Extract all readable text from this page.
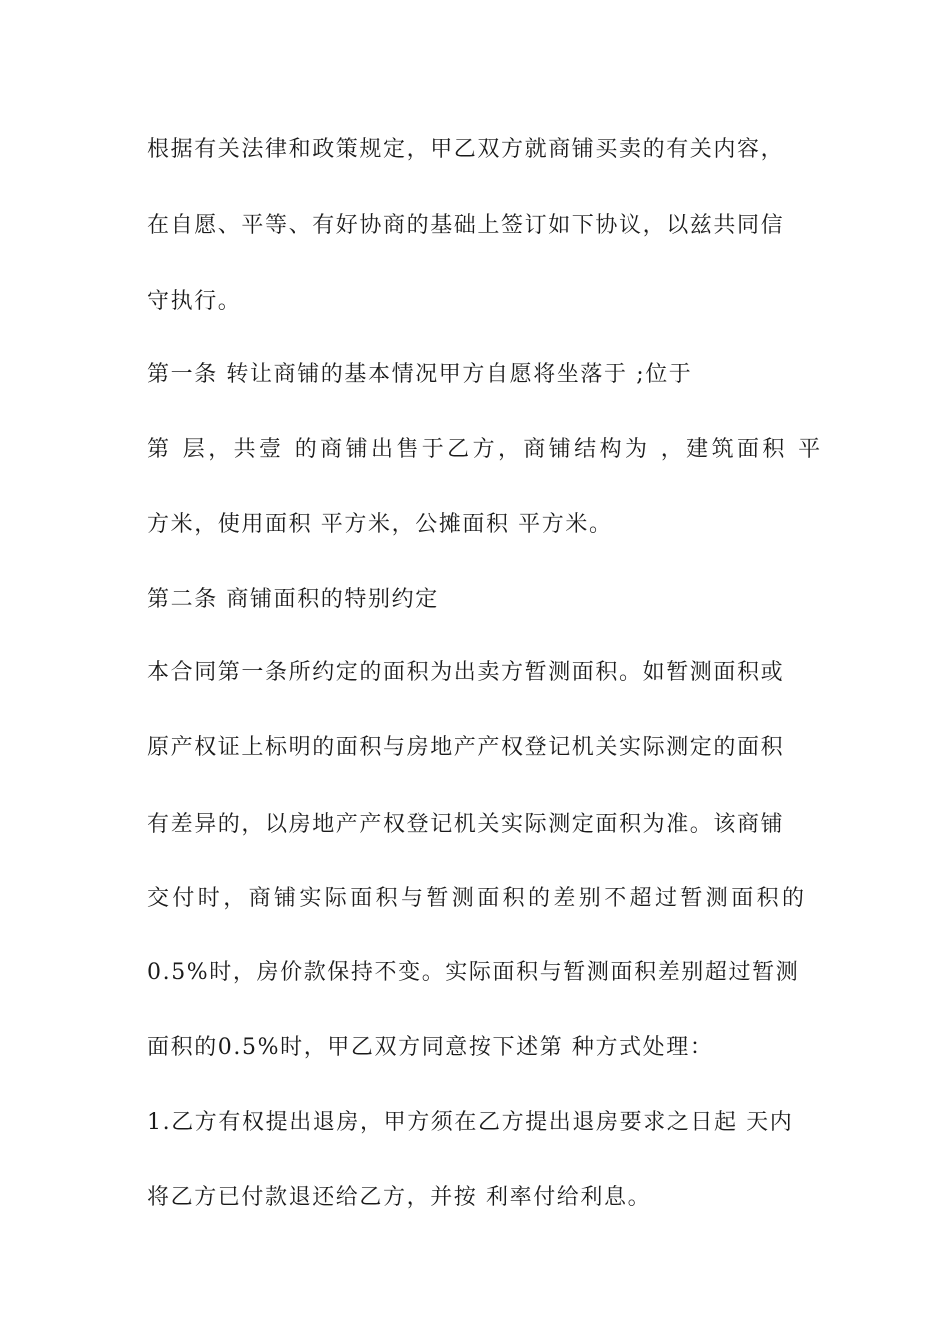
根据有关法律和政策规定，甲乙双方就商铺买卖的有关内容，
在自愿、平等、有好协商的基础上签订如下协议，以兹共同信
守执行。
第一条 转让商铺的基本情况甲方自愿将坐落于 ;位于
第 层，共壹 的商铺出售于乙方，商铺结构为 ，建筑面积 平
方米，使用面积 平方米，公摊面积 平方米。
第二条 商铺面积的特别约定
本合同第一条所约定的面积为出卖方暂测面积。如暂测面积或
原产权证上标明的面积与房地产产权登记机关实际测定的面积
有差异的，以房地产产权登记机关实际测定面积为准。该商铺
交付时，商铺实际面积与暂测面积的差别不超过暂测面积的
0.5%时，房价款保持不变。实际面积与暂测面积差别超过暂测
面积的0.5%时，甲乙双方同意按下述第 种方式处理：
1.乙方有权提出退房，甲方须在乙方提出退房要求之日起 天内
将乙方已付款退还给乙方，并按 利率付给利息。
